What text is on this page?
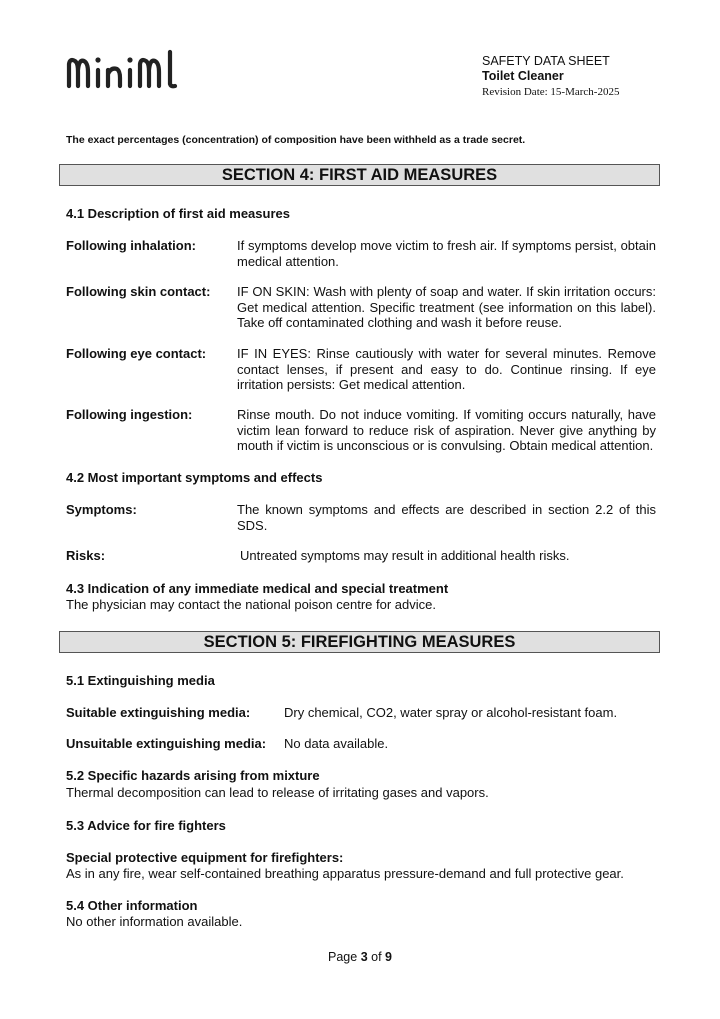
SAFETY DATA SHEET
Toilet Cleaner
Revision Date: 15-March-2025
The exact percentages (concentration) of composition have been withheld as a trade secret.
SECTION 4: FIRST AID MEASURES
4.1 Description of first aid measures
Following inhalation:	If symptoms develop move victim to fresh air. If symptoms persist, obtain medical attention.
Following skin contact: IF ON SKIN: Wash with plenty of soap and water. If skin irritation occurs: Get medical attention. Specific treatment (see information on this label). Take off contaminated clothing and wash it before reuse.
Following eye contact: IF IN EYES: Rinse cautiously with water for several minutes. Remove contact lenses, if present and easy to do. Continue rinsing. If eye irritation persists: Get medical attention.
Following ingestion:	Rinse mouth. Do not induce vomiting. If vomiting occurs naturally, have victim lean forward to reduce risk of aspiration. Never give anything by mouth if victim is unconscious or is convulsing. Obtain medical attention.
4.2 Most important symptoms and effects
Symptoms:	The known symptoms and effects are described in section 2.2 of this SDS.
Risks:	Untreated symptoms may result in additional health risks.
4.3 Indication of any immediate medical and special treatment
The physician may contact the national poison centre for advice.
SECTION 5: FIREFIGHTING MEASURES
5.1 Extinguishing media
Suitable extinguishing media:	Dry chemical, CO2, water spray or alcohol-resistant foam.
Unsuitable extinguishing media: No data available.
5.2 Specific hazards arising from mixture
Thermal decomposition can lead to release of irritating gases and vapors.
5.3 Advice for fire fighters
Special protective equipment for firefighters:
As in any fire, wear self-contained breathing apparatus pressure-demand and full protective gear.
5.4 Other information
No other information available.
Page 3 of 9
